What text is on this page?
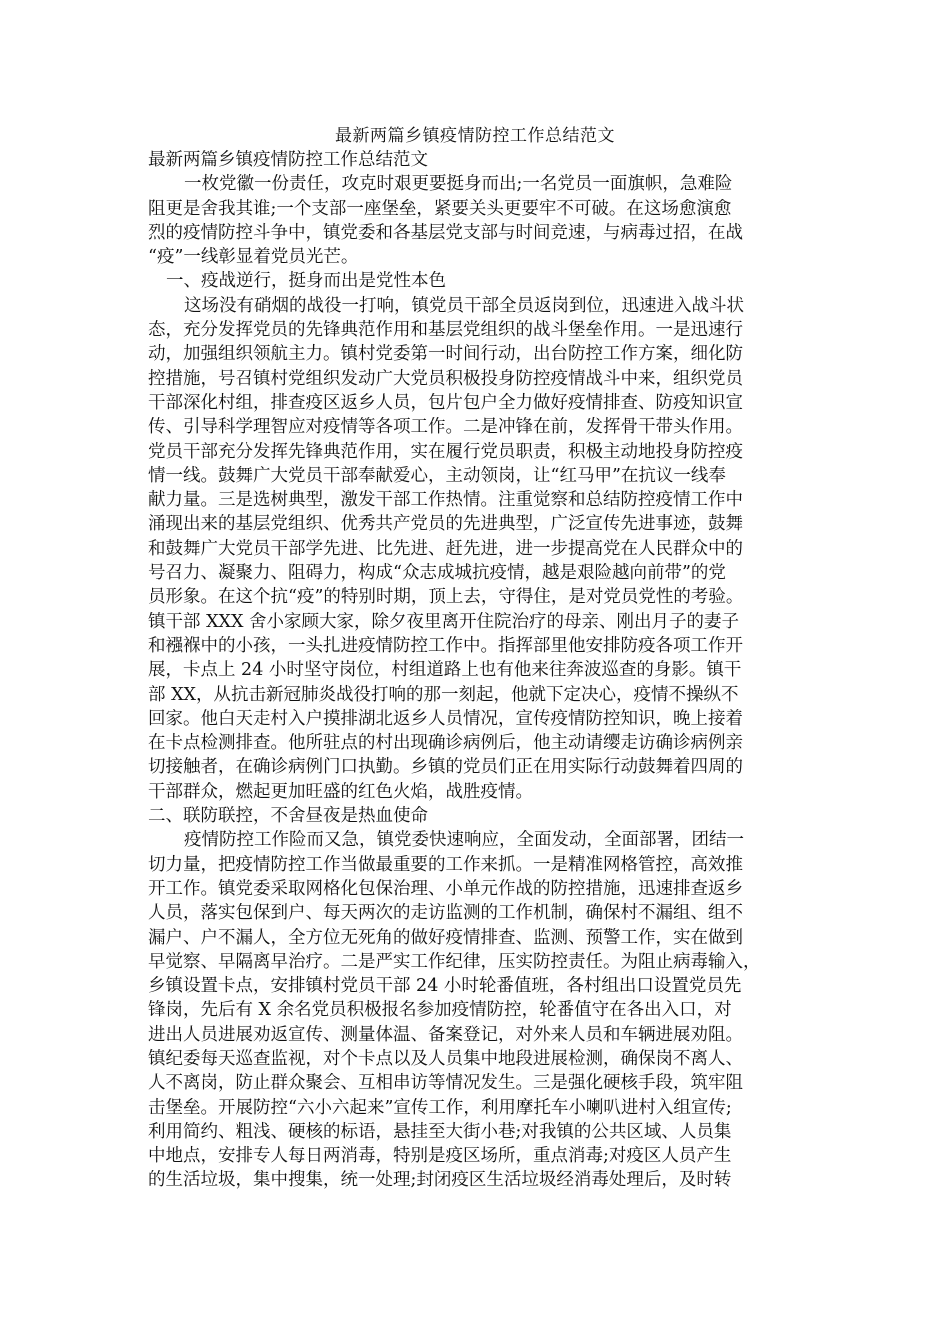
最新两篇乡镇疫情防控工作总结范文
最新两篇乡镇疫情防控工作总结范文
一枚党徽一份责任，攻克时艰更要挺身而出;一名党员一面旗帜，急难险
阻更是舍我其谁;一个支部一座堡垒，紧要关头更要牢不可破。在这场愈演愈
烈的疫情防控斗争中，镇党委和各基层党支部与时间竞速，与病毒过招，在战
“疫”一线彰显着党员光芒。
一、疫战逆行，挺身而出是党性本色
这场没有硝烟的战役一打响，镇党员干部全员返岗到位，迅速进入战斗状
态，充分发挥党员的先锋典范作用和基层党组织的战斗堡垒作用。一是迅速行
动，加强组织领航主力。镇村党委第一时间行动，出台防控工作方案，细化防
控措施，号召镇村党组织发动广大党员积极投身防控疫情战斗中来，组织党员
干部深化村组，排查疫区返乡人员，包片包户全力做好疫情排查、防疫知识宣
传、引导科学理智应对疫情等各项工作。二是冲锋在前，发挥骨干带头作用。
党员干部充分发挥先锋典范作用，实在履行党员职责，积极主动地投身防控疫
情一线。鼓舞广大党员干部奉献爱心，主动领岗，让“红马甲”在抗议一线奉
献力量。三是选树典型，激发干部工作热情。注重觉察和总结防控疫情工作中
涌现出来的基层党组织、优秀共产党员的先进典型，广泛宣传先进事迹，鼓舞
和鼓舞广大党员干部学先进、比先进、赶先进，进一步提高党在人民群众中的
号召力、凝聚力、阻碍力，构成“众志成城抗疫情，越是艰险越向前带”的党
员形象。在这个抗“疫”的特别时期，顶上去，守得住，是对党员党性的考验。
镇干部 XXX 舍小家顾大家，除夕夜里离开住院治疗的母亲、刚出月子的妻子
和襁褓中的小孩，一头扎进疫情防控工作中。指挥部里他安排防疫各项工作开
展，卡点上 24 小时坚守岗位，村组道路上也有他来往奔波巡查的身影。镇干
部 XX，从抗击新冠肺炎战役打响的那一刻起，他就下定决心，疫情不操纵不
回家。他白天走村入户摸排湖北返乡人员情况，宣传疫情防控知识，晚上接着
在卡点检测排查。他所驻点的村出现确诊病例后，他主动请缨走访确诊病例亲
切接触者，在确诊病例门口执勤。乡镇的党员们正在用实际行动鼓舞着四周的
干部群众，燃起更加旺盛的红色火焰，战胜疫情。
二、联防联控，不舍昼夜是热血使命
疫情防控工作险而又急，镇党委快速响应，全面发动，全面部署，团结一
切力量，把疫情防控工作当做最重要的工作来抓。一是精准网格管控，高效推
开工作。镇党委采取网格化包保治理、小单元作战的防控措施，迅速排查返乡
人员，落实包保到户、每天两次的走访监测的工作机制，确保村不漏组、组不
漏户、户不漏人，全方位无死角的做好疫情排查、监测、预警工作，实在做到
早觉察、早隔离早治疗。二是严实工作纪律，压实防控责任。为阻止病毒输入，
乡镇设置卡点，安排镇村党员干部 24 小时轮番值班，各村组出口设置党员先
锋岗，先后有 X 余名党员积极报名参加疫情防控，轮番值守在各出入口，对
进出人员进展劝返宣传、测量体温、备案登记，对外来人员和车辆进展劝阻。
镇纪委每天巡查监视，对个卡点以及人员集中地段进展检测，确保岗不离人、
人不离岗，防止群众聚会、互相串访等情况发生。三是强化硬核手段，筑牢阻
击堡垒。开展防控“六小六起来”宣传工作，利用摩托车小喇叭进村入组宣传;
利用简约、粗浅、硬核的标语，悬挂至大街小巷;对我镇的公共区域、人员集
中地点，安排专人每日两消毒，特别是疫区场所，重点消毒;对疫区人员产生
的生活垃圾，集中搜集，统一处理;封闭疫区生活垃圾经消毒处理后，及时转
